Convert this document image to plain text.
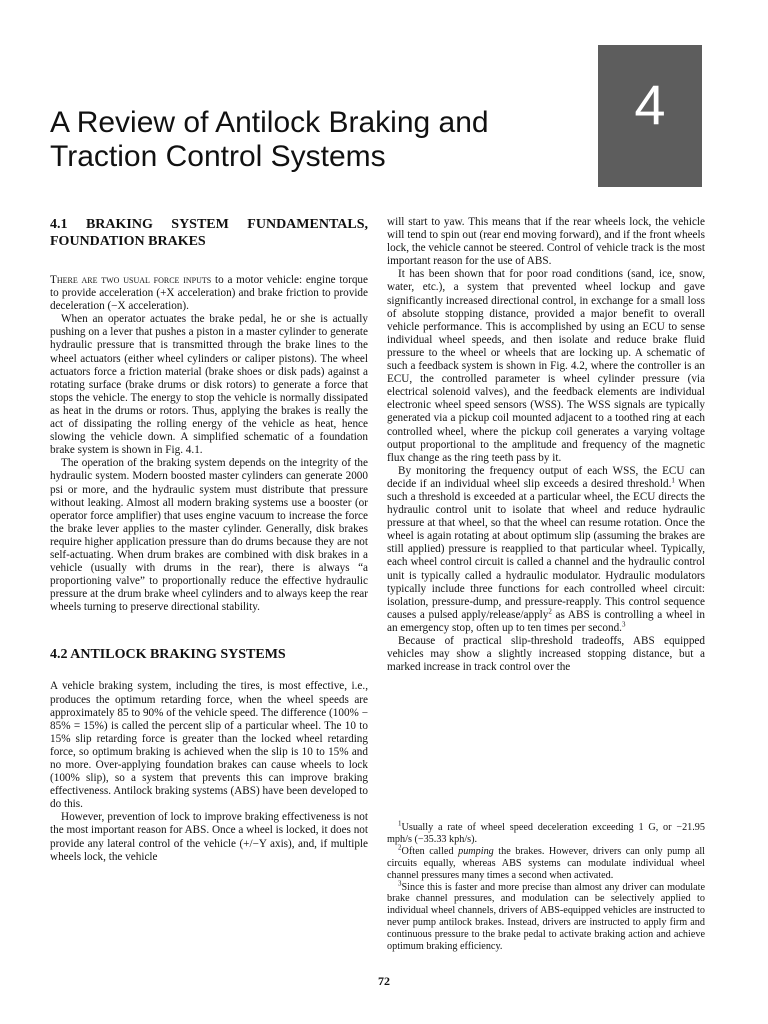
4
A Review of Antilock Braking and Traction Control Systems
4.1 BRAKING SYSTEM FUNDAMENTALS, FOUNDATION BRAKES

There are two usual force inputs to a motor vehicle: engine torque to provide acceleration (+X acceleration) and brake friction to provide deceleration (−X acceleration).

When an operator actuates the brake pedal, he or she is actually pushing on a lever that pushes a piston in a master cylinder to generate hydraulic pressure that is transmitted through the brake lines to the wheel actuators (either wheel cylinders or caliper pistons). The wheel actuators force a friction material (brake shoes or disk pads) against a rotating surface (brake drums or disk rotors) to generate a force that stops the vehicle. The energy to stop the vehicle is normally dissipated as heat in the drums or rotors. Thus, applying the brakes is really the act of dissipating the rolling energy of the vehicle as heat, hence slowing the vehicle down. A simplified schematic of a foundation brake system is shown in Fig. 4.1.

The operation of the braking system depends on the integrity of the hydraulic system. Modern boosted master cylinders can generate 2000 psi or more, and the hydraulic system must distribute that pressure without leaking. Almost all modern braking systems use a booster (or operator force amplifier) that uses engine vacuum to increase the force the brake lever applies to the master cylinder. Generally, disk brakes require higher application pressure than do drums because they are not self-actuating. When drum brakes are combined with disk brakes in a vehicle (usually with drums in the rear), there is always “a proportioning valve” to proportionally reduce the effective hydraulic pressure at the drum brake wheel cylinders and to always keep the rear wheels turning to preserve directional stability.

4.2 ANTILOCK BRAKING SYSTEMS

A vehicle braking system, including the tires, is most effective, i.e., produces the optimum retarding force, when the wheel speeds are approximately 85 to 90% of the vehicle speed. The difference (100% − 85% = 15%) is called the percent slip of a particular wheel. The 10 to 15% slip retarding force is greater than the locked wheel retarding force, so optimum braking is achieved when the slip is 10 to 15% and no more. Over-applying foundation brakes can cause wheels to lock (100% slip), so a system that prevents this can improve braking effectiveness. Antilock braking systems (ABS) have been developed to do this.

However, prevention of lock to improve braking effectiveness is not the most important reason for ABS. Once a wheel is locked, it does not provide any lateral control of the vehicle (+/−Y axis), and, if multiple wheels lock, the vehicle

will start to yaw. This means that if the rear wheels lock, the vehicle will tend to spin out (rear end moving forward), and if the front wheels lock, the vehicle cannot be steered. Control of vehicle track is the most important reason for the use of ABS.

It has been shown that for poor road conditions (sand, ice, snow, water, etc.), a system that prevented wheel lockup and gave significantly increased directional control, in exchange for a small loss of absolute stopping distance, provided a major benefit to overall vehicle performance. This is accomplished by using an ECU to sense individual wheel speeds, and then isolate and reduce brake fluid pressure to the wheel or wheels that are locking up. A schematic of such a feedback system is shown in Fig. 4.2, where the controller is an ECU, the controlled parameter is wheel cylinder pressure (via electrical solenoid valves), and the feedback elements are individual electronic wheel speed sensors (WSS). The WSS signals are typically generated via a pickup coil mounted adjacent to a toothed ring at each controlled wheel, where the pickup coil generates a varying voltage output proportional to the amplitude and frequency of the magnetic flux change as the ring teeth pass by it.

By monitoring the frequency output of each WSS, the ECU can decide if an individual wheel slip exceeds a desired threshold.$^1$ When such a threshold is exceeded at a particular wheel, the ECU directs the hydraulic control unit to isolate that wheel and reduce hydraulic pressure at that wheel, so that the wheel can resume rotation. Once the wheel is again rotating at about optimum slip (assuming the brakes are still applied) pressure is reapplied to that particular wheel. Typically, each wheel control circuit is called a channel and the hydraulic control unit is typically called a hydraulic modulator. Hydraulic modulators typically include three functions for each controlled wheel circuit: isolation, pressure-dump, and pressure-reapply. This control sequence causes a pulsed apply/release/apply$^2$ as ABS is controlling a wheel in an emergency stop, often up to ten times per second.$^3$

Because of practical slip-threshold tradeoffs, ABS equipped vehicles may show a slightly increased stopping distance, but a marked increase in track control over the

$^1$Usually a rate of wheel speed deceleration exceeding 1 G, or −21.95 mph/s (−35.33 kph/s).

$^2$Often called pumping the brakes. However, drivers can only pump all circuits equally, whereas ABS systems can modulate individual wheel channel pressures many times a second when activated.

$^3$Since this is faster and more precise than almost any driver can modulate brake channel pressures, and modulation can be selectively applied to individual wheel channels, drivers of ABS-equipped vehicles are instructed to never pump antilock brakes. Instead, drivers are instructed to apply firm and continuous pressure to the brake pedal to activate braking action and achieve optimum braking efficiency.

72
